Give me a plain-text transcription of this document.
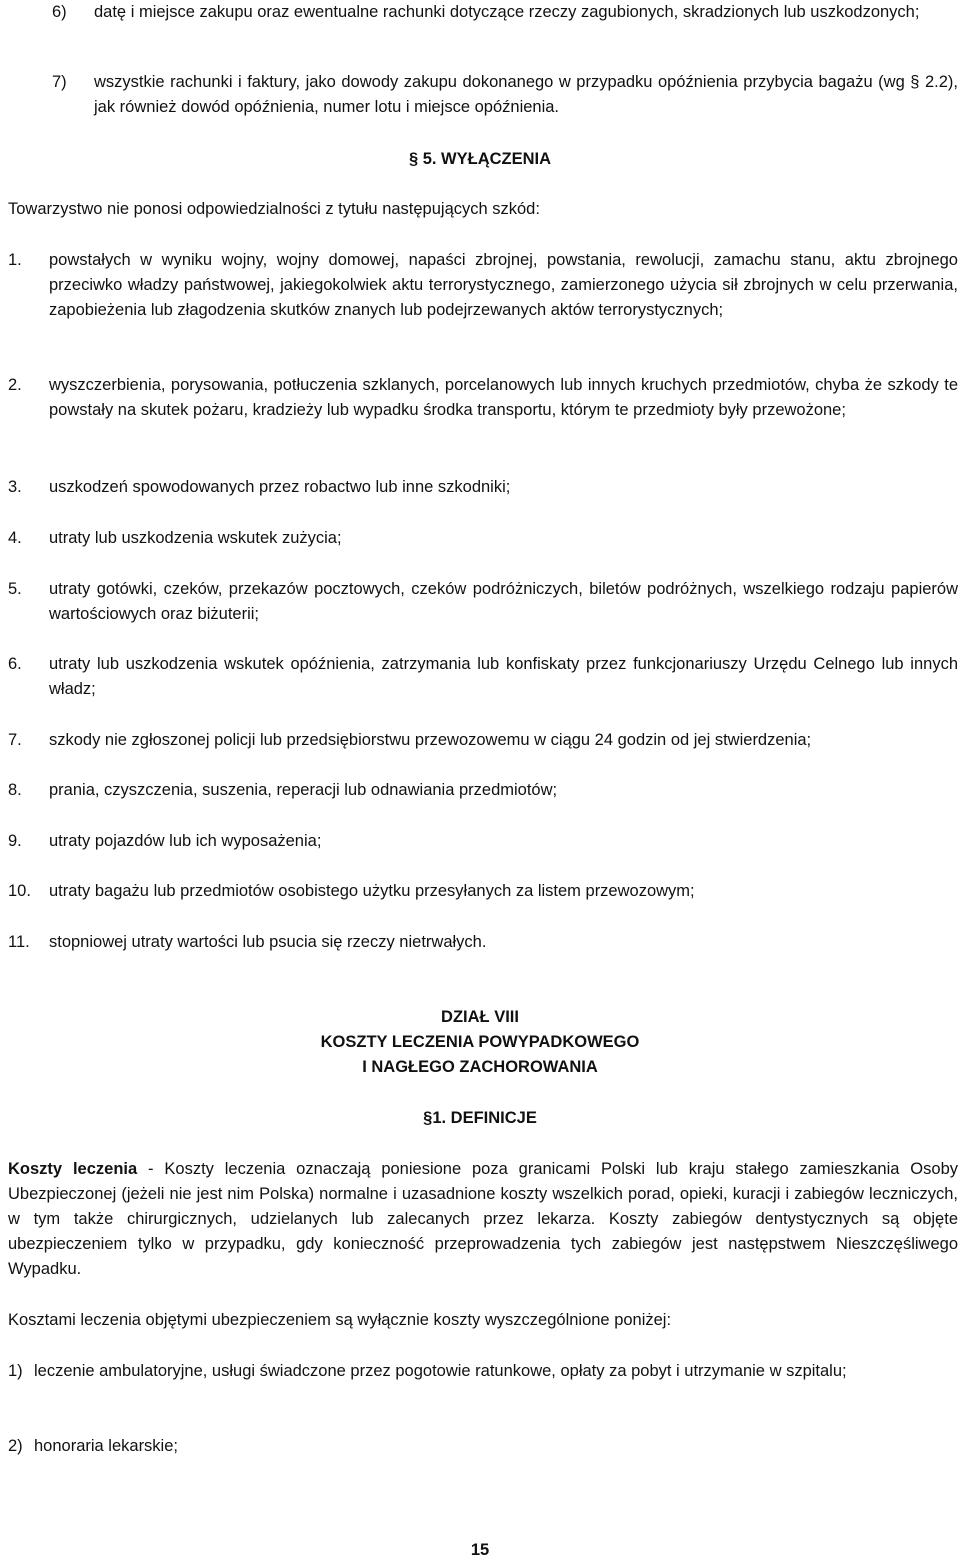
6)	datę i miejsce zakupu oraz ewentualne rachunki dotyczące rzeczy zagubionych, skradzionych lub uszkodzonych;
7)	wszystkie rachunki i faktury, jako dowody zakupu dokonanego w przypadku opóźnienia przybycia bagażu (wg § 2.2), jak również dowód opóźnienia, numer lotu i miejsce opóźnienia.
§ 5. WYŁĄCZENIA
Towarzystwo nie ponosi odpowiedzialności z tytułu następujących szkód:
1.	powstałych w wyniku wojny, wojny domowej, napaści zbrojnej, powstania, rewolucji, zamachu stanu, aktu zbrojnego przeciwko władzy państwowej, jakiegokolwiek aktu terrorystycznego, zamierzonego użycia sił zbrojnych w celu przerwania, zapobieżenia lub złagodzenia skutków znanych lub podejrzewanych aktów terrorystycznych;
2.	wyszczerbienia, porysowania, potłuczenia szklanych, porcelanowych lub innych kruchych przedmiotów, chyba że szkody te powstały na skutek pożaru, kradzieży lub wypadku środka transportu, którym te przedmioty były przewożone;
3.	uszkodzeń spowodowanych przez robactwo lub inne szkodniki;
4.	utraty lub uszkodzenia wskutek zużycia;
5.	utraty gotówki, czeków, przekazów pocztowych, czeków podróżniczych, biletów podróżnych, wszelkiego rodzaju papierów wartościowych oraz biżuterii;
6.	utraty lub uszkodzenia wskutek opóźnienia, zatrzymania lub konfiskaty przez funkcjonariuszy Urzędu Celnego lub innych władz;
7.	szkody nie zgłoszonej policji lub przedsiębiorstwu przewozowemu w ciągu 24 godzin od jej stwierdzenia;
8.	prania, czyszczenia, suszenia, reperacji lub odnawiania przedmiotów;
9.	utraty pojazdów lub ich wyposażenia;
10.	utraty bagażu lub przedmiotów osobistego użytku przesyłanych za listem przewozowym;
11.	stopniowej utraty wartości lub psucia się rzeczy nietrwałych.
DZIAŁ VIII
KOSZTY LECZENIA POWYPADKOWEGO
I NAGŁEGO ZACHOROWANIA
§1. DEFINICJE
Koszty leczenia - Koszty leczenia oznaczają poniesione poza granicami Polski lub kraju stałego zamieszkania Osoby Ubezpieczonej (jeżeli nie jest nim Polska) normalne i uzasadnione koszty wszelkich porad, opieki, kuracji i zabiegów leczniczych, w tym także chirurgicznych, udzielanych lub zalecanych przez lekarza. Koszty zabiegów dentystycznych są objęte ubezpieczeniem tylko w przypadku, gdy konieczność przeprowadzenia tych zabiegów jest następstwem Nieszczęśliwego Wypadku.
Kosztami leczenia objętymi ubezpieczeniem są wyłącznie koszty wyszczególnione poniżej:
1) leczenie ambulatoryjne, usługi świadczone przez pogotowie ratunkowe, opłaty za pobyt i utrzymanie w szpitalu;
2) honoraria lekarskie;
15
